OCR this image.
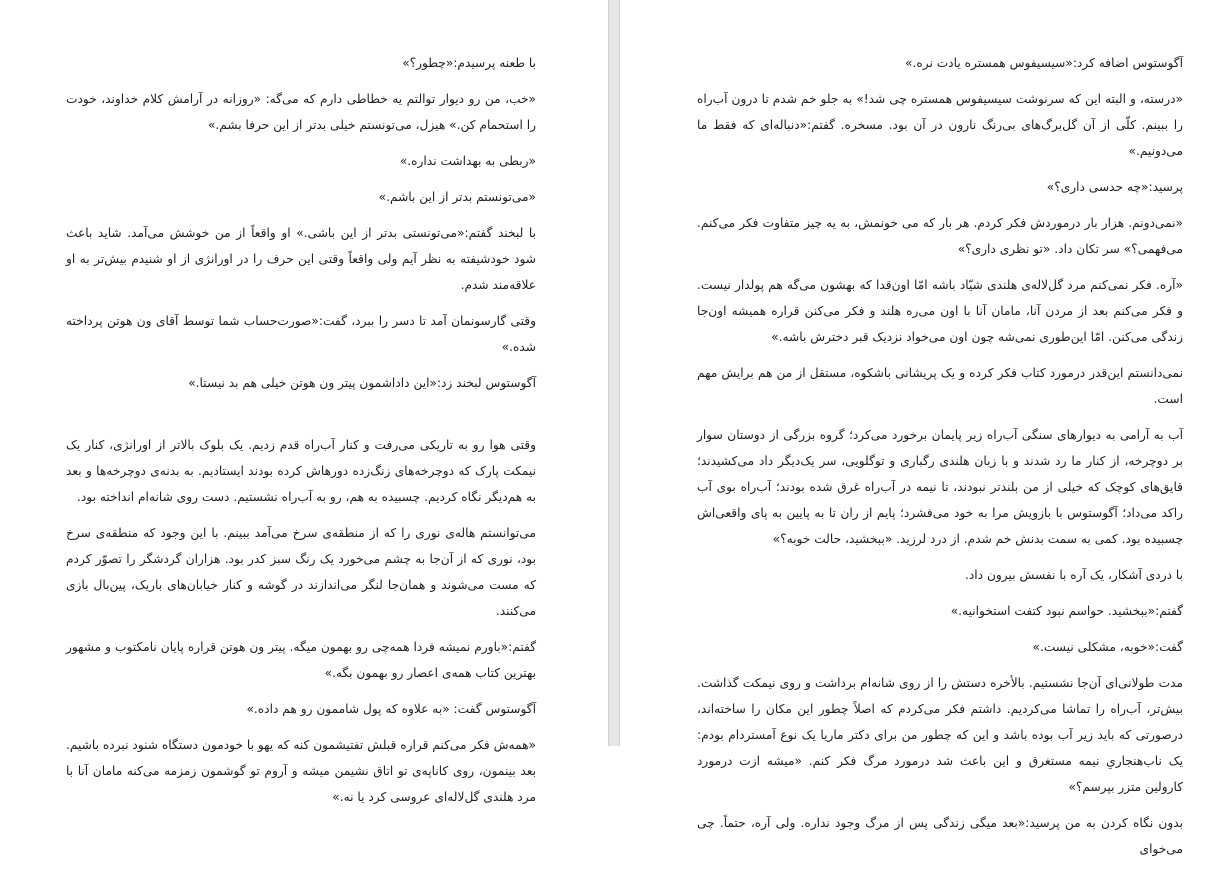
با طعنه پرسیدم:«چطور؟»

«خب، من رو دیوار توالتم یه خطاطی دارم که می‌گه: «روزانه در آرامش کلام خداوند، خودت را استحمام کن.» هیزل، می‌تونستم خیلی بدتر از این حرفا بشم.»

«ربطی به بهداشت نداره.»

«می‌تونستم بدتر از این باشم.»

با لبخند گفتم:«می‌تونستی بدتر از این باشی.» او واقعاً از من خوشش می‌آمد. شاید باعث شود خودشیفته به نظر آیم ولی واقعاً وقتی این حرف را در اورانژی از او شنیدم بیش‌تر به او علاقه‌مند شدم.

وقتی گارسونمان آمد تا دسر را ببرد، گفت:«صورت‌حساب شما توسط آقای ون هوتن پرداخته شده.»

آگوستوس لبخند زد:«این داداشمون پیتر ون هوتن خیلی هم بد نیستا.»

وقتی هوا رو به تاریکی می‌رفت و کنار آب‌راه قدم زدیم. یک بلوک بالاتر از اورانژی، کنار یک نیمکت پارک که دوچرخه‌های زنگ‌زده دورهاش کرده بودند ایستادیم. به بدنه‌ی دوچرخه‌ها و بعد به هم‌دیگر نگاه کردیم. چسبیده به هم، رو به آب‌راه نشستیم. دست روی شانه‌ام انداخته بود.

می‌توانستم هاله‌ی نوری را که از منطقه‌ی سرخ می‌آمد ببینم. با این وجود که منطقه‌ی سرخ بود، نوری که از آن‌جا به چشم می‌خورد یک رنگ سبز کدر بود. هزاران گردشگر را تصوّر کردم که مست می‌شوند و همان‌جا لنگر می‌اندازند در گوشه و کنار خیابان‌های باریک، پین‌بال بازی می‌کنند.

گفتم:«باورم نمیشه فردا همه‌چی رو بهمون میگه. پیتر ون هوتن قراره پایان نامکتوب و مشهور بهترین کتاب همه‌ی اعصار رو بهمون بگه.»

آگوستوس گفت: «به علاوه که پول شاممون رو هم داده.»

«همه‌ش فکر می‌کنم قراره قبلش تفتیشمون کنه که یهو با خودمون دستگاه شنود نبرده باشیم. بعد بینمون، روی کاناپه‌ی تو اتاق نشیمن میشه و آروم تو گوشمون زمزمه می‌کنه مامان آنا با مرد هلندی گل‌لاله‌ای عروسی کرد یا نه.»

آگوستوس اضافه کرد:«سیسیفوس همستره یادت نره.»

«درسته، و البته این که سرنوشت سیسیفوس همستره چی شد!» به جلو خم شدم تا درون آب‌راه را ببینم. کلّی از آن گل‌برگ‌های بی‌رنگ نارون در آن بود. مسخره. گفتم:«دنباله‌ای که فقط ما می‌دونیم.»

پرسید:«چه حدسی داری؟»

«نمی‌دونم. هزار بار درموردش فکر کردم. هر بار که می خونمش، به یه چیز متفاوت فکر می‌کنم. می‌فهمی؟» سر تکان داد. «تو نظری داری؟»

«آره. فکر نمی‌کنم مرد گل‌لاله‌ی هلندی شیّاد باشه امّا اون‌قدا که بهشون می‌گه هم پولدار نیست. و فکر می‌کنم بعد از مردن آنا، مامان آنا با اون می‌ره هلند و فکر می‌کنن قراره همیشه اون‌جا زندگی می‌کنن. امّا این‌طوری نمی‌شه چون اون می‌خواد نزدیک قبر دخترش باشه.»

نمی‌دانستم این‌قدر درمورد کتاب فکر کرده و یک پریشانی باشکوه، مستقل از من هم برایش مهم است.

آب به آرامی به دیوارهای سنگی آب‌راه زیر پایمان برخورد می‌کرد؛ گروه بزرگی از دوستان سوار بر دوچرخه، از کنار ما رد شدند و با زبان هلندی رگباری و توگلویی، سر یک‌دیگر داد می‌کشیدند؛ قایق‌های کوچک که خیلی از من بلندتر نبودند، تا نیمه در آب‌راه غرق شده بودند؛ آب‌راه بوی آب راکد می‌داد؛ آگوستوس با بازویش مرا به خود می‌فشرد؛ پایم از ران تا به پایین به پای واقعی‌اش چسبیده بود. کمی به سمت بدنش خم شدم. از درد لرزید. «ببخشید، حالت خوبه؟»

با دردی آشکار، یک آره با نفسش بیرون داد.

گفتم:«ببخشید. حواسم نبود کتفت استخوانیه.»

گفت:«خوبه، مشکلی نیست.»

مدت طولانی‌ای آن‌جا نشستیم. بالأخره دستش را از روی شانه‌ام برداشت و روی نیمکت گذاشت. بیش‌تر، آب‌راه را تماشا می‌کردیم. داشتم فکر می‌کردم که اصلاً چطور این مکان را ساخته‌اند، درصورتی که باید زیر آب بوده باشد و این که چطور من برای دکتر ماریا یک نوع آمستردام بودم: یک ناب‌هنجاریِ نیمه مستغرق و این باعث شد درمورد مرگ فکر کنم. «میشه ازت درمورد کارولین متزر بپرسم؟»

بدون نگاه کردن به من پرسید:«بعد میگی زندگی پس از مرگ وجود نداره. ولی آره، حتماً. چی می‌خوای
